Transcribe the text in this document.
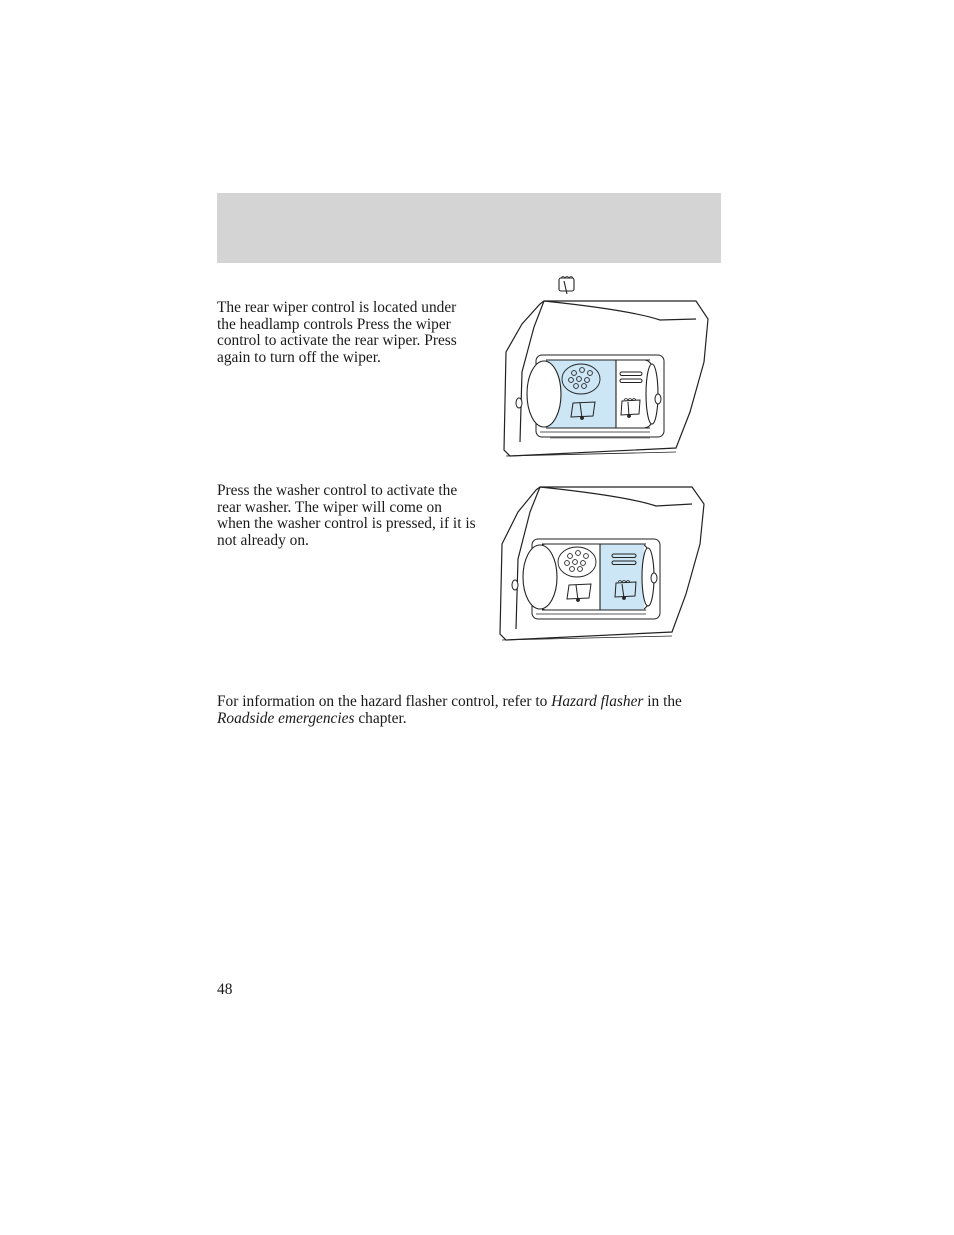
The rear wiper control is located under the headlamp controls Press the wiper control to activate the rear wiper. Press again to turn off the wiper.
Press the washer control to activate the rear washer. The wiper will come on when the washer control is pressed, if it is not already on.
For information on the hazard flasher control, refer to Hazard flasher in the Roadside emergencies chapter.
48
